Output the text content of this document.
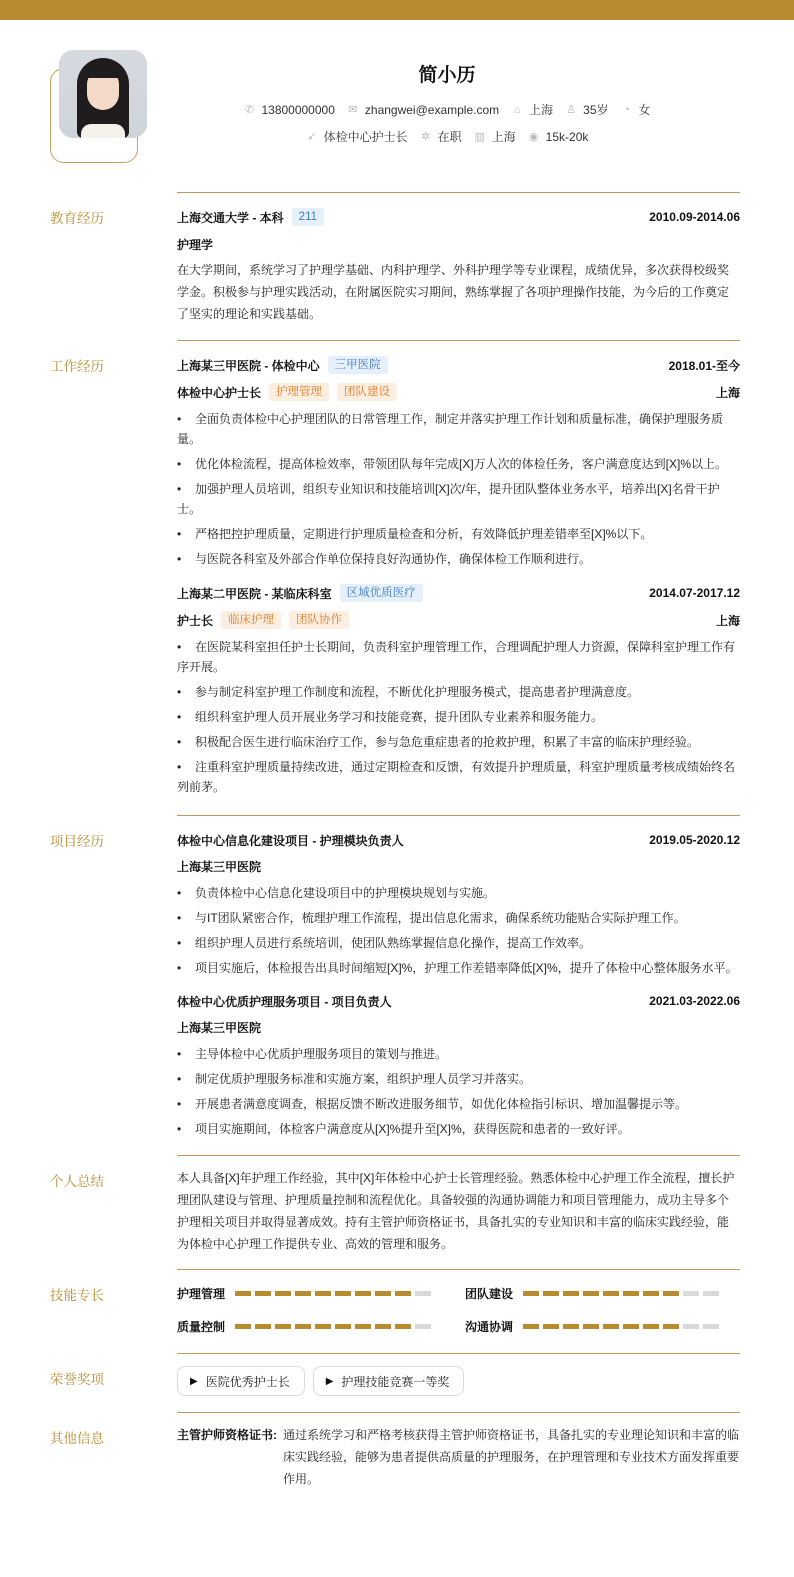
简小历
✆ 13800000000 ✉ zhangwei@example.com ⌂ 上海 ♙ 35岁 ◔ 女
➶ 体检中心护士长 ✲ 在职 ▥ 上海 ◉ 15k-20k
教育经历	上海交通大学 - 本科	211	2010.09-2014.06
护理学
在大学期间，系统学习了护理学基础、内科护理学、外科护理学等专业课程，成绩优异，多次获得校级奖学金。积极参与护理实践活动，在附属医院实习期间，熟练掌握了各项护理操作技能，为今后的工作奠定了坚实的理论和实践基础。
工作经历	上海某三甲医院 - 体检中心	三甲医院	2018.01-至今
体检中心护士长	护理管理	团队建设	上海
• 全面负责体检中心护理团队的日常管理工作，制定并落实护理工作计划和质量标准，确保护理服务质量。
• 优化体检流程，提高体检效率，带领团队每年完成[X]万人次的体检任务，客户满意度达到[X]%以上。
• 加强护理人员培训，组织专业知识和技能培训[X]次/年，提升团队整体业务水平，培养出[X]名骨干护士。
• 严格把控护理质量，定期进行护理质量检查和分析，有效降低护理差错率至[X]%以下。
• 与医院各科室及外部合作单位保持良好沟通协作，确保体检工作顺利进行。
上海某二甲医院 - 某临床科室	区域优质医疗	2014.07-2017.12
护士长	临床护理	团队协作	上海
• 在医院某科室担任护士长期间，负责科室护理管理工作，合理调配护理人力资源，保障科室护理工作有序开展。
• 参与制定科室护理工作制度和流程，不断优化护理服务模式，提高患者护理满意度。
• 组织科室护理人员开展业务学习和技能竞赛，提升团队专业素养和服务能力。
• 积极配合医生进行临床治疗工作，参与急危重症患者的抢救护理，积累了丰富的临床护理经验。
• 注重科室护理质量持续改进，通过定期检查和反馈，有效提升护理质量，科室护理质量考核成绩始终名列前茅。
项目经历	体检中心信息化建设项目 - 护理模块负责人	2019.05-2020.12
上海某三甲医院
• 负责体检中心信息化建设项目中的护理模块规划与实施。
• 与IT团队紧密合作，梳理护理工作流程，提出信息化需求，确保系统功能贴合实际护理工作。
• 组织护理人员进行系统培训，使团队熟练掌握信息化操作，提高工作效率。
• 项目实施后，体检报告出具时间缩短[X]%，护理工作差错率降低[X]%，提升了体检中心整体服务水平。
体检中心优质护理服务项目 - 项目负责人	2021.03-2022.06
上海某三甲医院
• 主导体检中心优质护理服务项目的策划与推进。
• 制定优质护理服务标准和实施方案，组织护理人员学习并落实。
• 开展患者满意度调查，根据反馈不断改进服务细节，如优化体检指引标识、增加温馨提示等。
• 项目实施期间，体检客户满意度从[X]%提升至[X]%，获得医院和患者的一致好评。
个人总结	本人具备[X]年护理工作经验，其中[X]年体检中心护士长管理经验。熟悉体检中心护理工作全流程，擅长护理团队建设与管理、护理质量控制和流程优化。具备较强的沟通协调能力和项目管理能力，成功主导多个护理相关项目并取得显著成效。持有主管护师资格证书，具备扎实的专业知识和丰富的临床实践经验，能为体检中心护理工作提供专业、高效的管理和服务。
技能专长	护理管理	团队建设
质量控制	沟通协调
荣誉奖项	▶ 医院优秀护士长	▶ 护理技能竞赛一等奖
其他信息	主管护师资格证书: 通过系统学习和严格考核获得主管护师资格证书，具备扎实的专业理论知识和丰富的临床实践经验，能够为患者提供高质量的护理服务，在护理管理和专业技术方面发挥重要作用。
